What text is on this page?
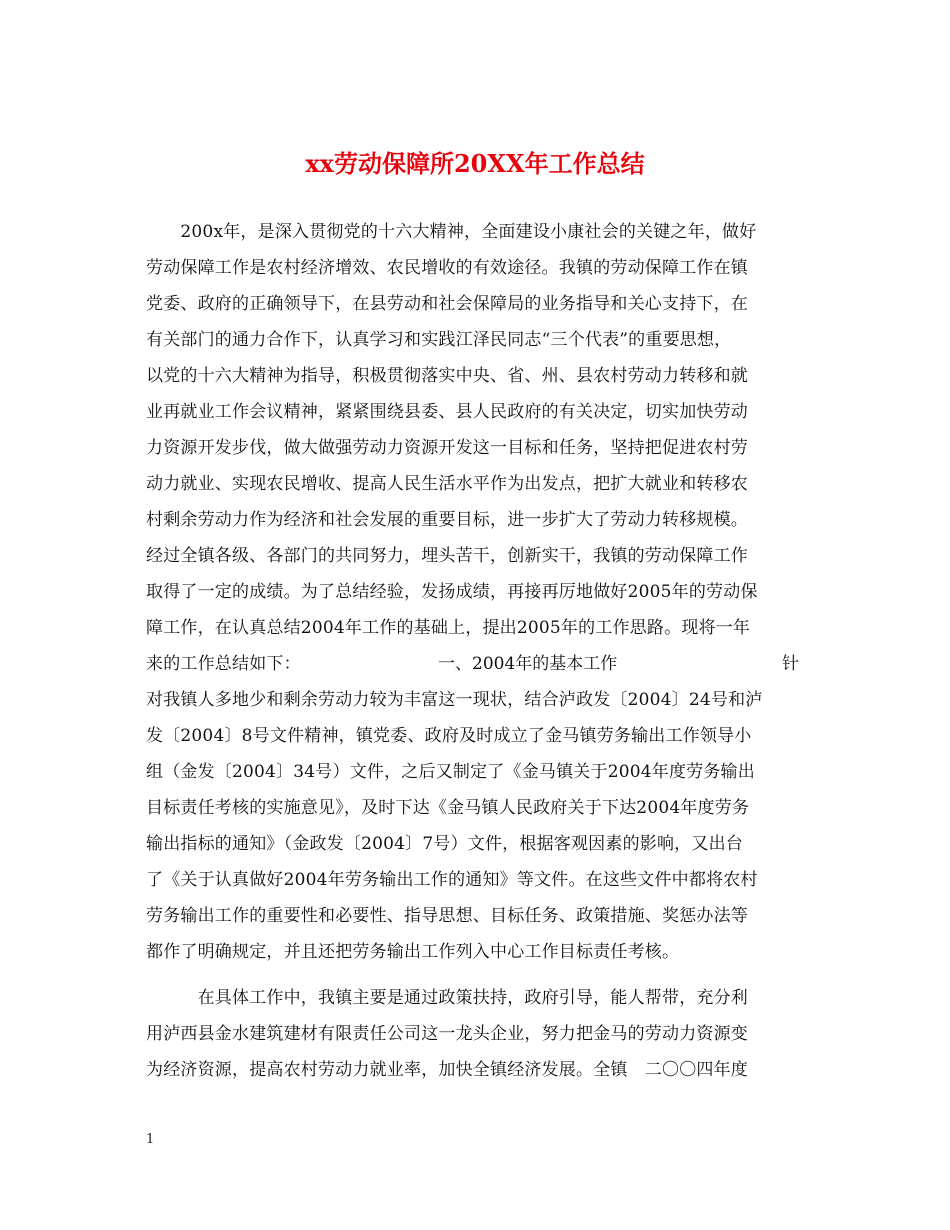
xx劳动保障所20XX年工作总结
　　200x年，是深入贯彻党的十六大精神，全面建设小康社会的关键之年，做好
劳动保障工作是农村经济增效、农民增收的有效途径。我镇的劳动保障工作在镇
党委、政府的正确领导下，在县劳动和社会保障局的业务指导和关心支持下，在
有关部门的通力合作下，认真学习和实践江泽民同志“三个代表”的重要思想，
以党的十六大精神为指导，积极贯彻落实中央、省、州、县农村劳动力转移和就
业再就业工作会议精神，紧紧围绕县委、县人民政府的有关决定，切实加快劳动
力资源开发步伐，做大做强劳动力资源开发这一目标和任务，坚持把促进农村劳
动力就业、实现农民增收、提高人民生活水平作为出发点，把扩大就业和转移农
村剩余劳动力作为经济和社会发展的重要目标，进一步扩大了劳动力转移规模。
经过全镇各级、各部门的共同努力，埋头苦干，创新实干，我镇的劳动保障工作
取得了一定的成绩。为了总结经验，发扬成绩，再接再厉地做好2005年的劳动保
障工作，在认真总结2004年工作的基础上，提出2005年的工作思路。现将一年
来的工作总结如下：	一、2004年的基本工作	针
对我镇人多地少和剩余劳动力较为丰富这一现状，结合泸政发〔2004〕24号和泸
发〔2004〕8号文件精神，镇党委、政府及时成立了金马镇劳务输出工作领导小
组（金发〔2004〕34号）文件，之后又制定了《金马镇关于2004年度劳务输出
目标责任考核的实施意见》，及时下达《金马镇人民政府关于下达2004年度劳务
输出指标的通知》（金政发〔2004〕7号）文件，根据客观因素的影响，又出台
了《关于认真做好2004年劳务输出工作的通知》等文件。在这些文件中都将农村
劳务输出工作的重要性和必要性、指导思想、目标任务、政策措施、奖惩办法等
都作了明确规定，并且还把劳务输出工作列入中心工作目标责任考核。
　　　在具体工作中，我镇主要是通过政策扶持，政府引导，能人帮带，充分利
用泸西县金水建筑建材有限责任公司这一龙头企业，努力把金马的劳动力资源变
为经济资源，提高农村劳动力就业率，加快全镇经济发展。全镇　二〇〇四年度
1
